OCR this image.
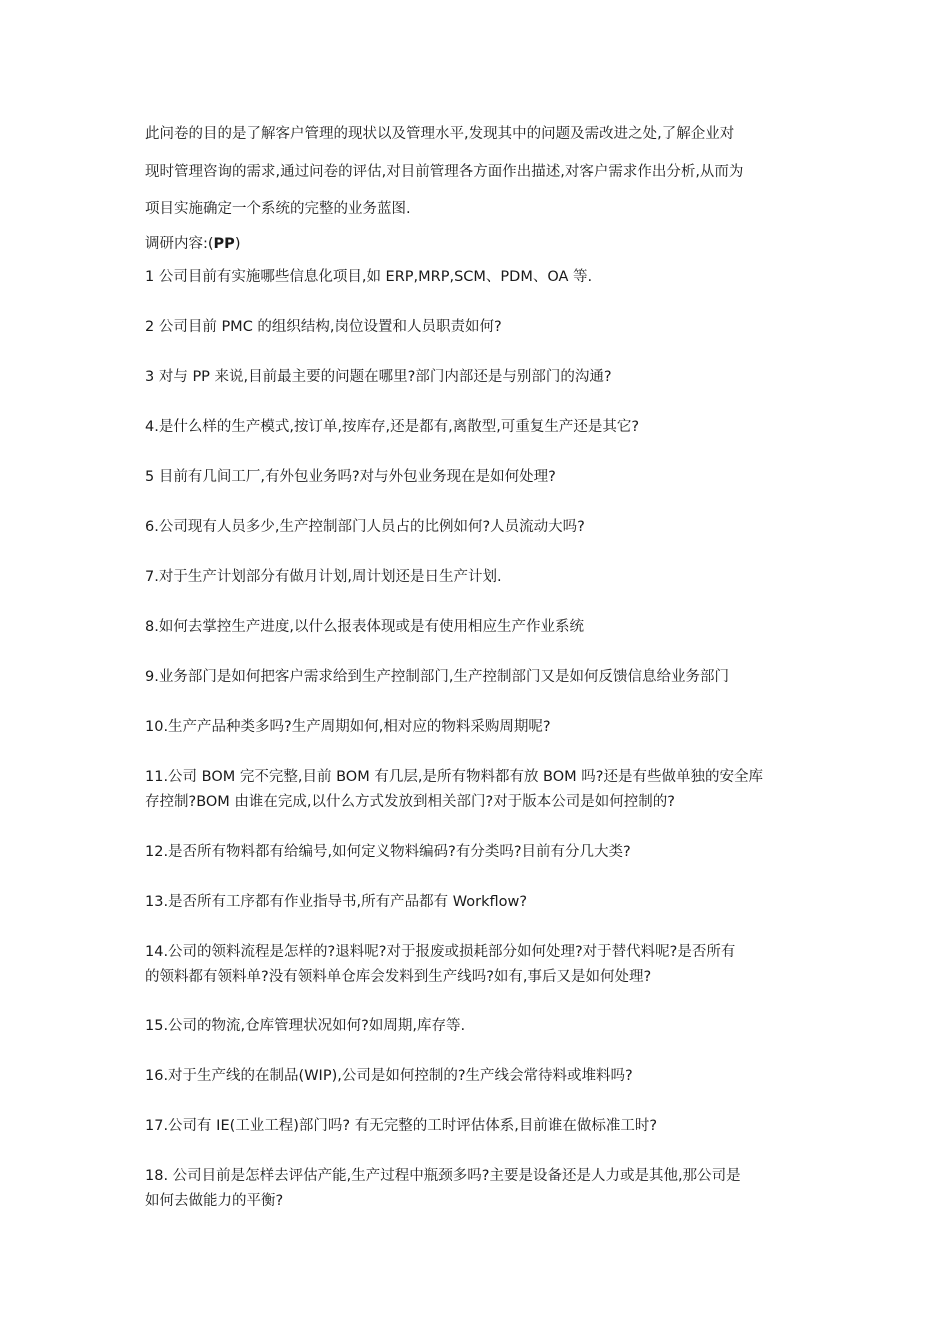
此问卷的目的是了解客户管理的现状以及管理水平,发现其中的问题及需改进之处,了解企业对
现时管理咨询的需求,通过问卷的评估,对目前管理各方面作出描述,对客户需求作出分析,从而为
项目实施确定一个系统的完整的业务蓝图.
调研内容:(PP)
1 公司目前有实施哪些信息化项目,如 ERP,MRP,SCM、PDM、OA 等.
2 公司目前 PMC 的组织结构,岗位设置和人员职责如何?
3 对与 PP 来说,目前最主要的问题在哪里?部门内部还是与别部门的沟通?
4.是什么样的生产模式,按订单,按库存,还是都有,离散型,可重复生产还是其它?
5 目前有几间工厂,有外包业务吗?对与外包业务现在是如何处理?
6.公司现有人员多少,生产控制部门人员占的比例如何?人员流动大吗?
7.对于生产计划部分有做月计划,周计划还是日生产计划.
8.如何去掌控生产进度,以什么报表体现或是有使用相应生产作业系统
9.业务部门是如何把客户需求给到生产控制部门,生产控制部门又是如何反馈信息给业务部门
10.生产产品种类多吗?生产周期如何,相对应的物料采购周期呢?
11.公司 BOM 完不完整,目前 BOM 有几层,是所有物料都有放 BOM 吗?还是有些做单独的安全库
存控制?BOM 由谁在完成,以什么方式发放到相关部门?对于版本公司是如何控制的?
12.是否所有物料都有给编号,如何定义物料编码?有分类吗?目前有分几大类?
13.是否所有工序都有作业指导书,所有产品都有 Workflow?
14.公司的领料流程是怎样的?退料呢?对于报废或损耗部分如何处理?对于替代料呢?是否所有
的领料都有领料单?没有领料单仓库会发料到生产线吗?如有,事后又是如何处理?
15.公司的物流,仓库管理状况如何?如周期,库存等.
16.对于生产线的在制品(WIP),公司是如何控制的?生产线会常待料或堆料吗?
17.公司有 IE(工业工程)部门吗? 有无完整的工时评估体系,目前谁在做标准工时?
18. 公司目前是怎样去评估产能,生产过程中瓶颈多吗?主要是设备还是人力或是其他,那公司是
如何去做能力的平衡?
